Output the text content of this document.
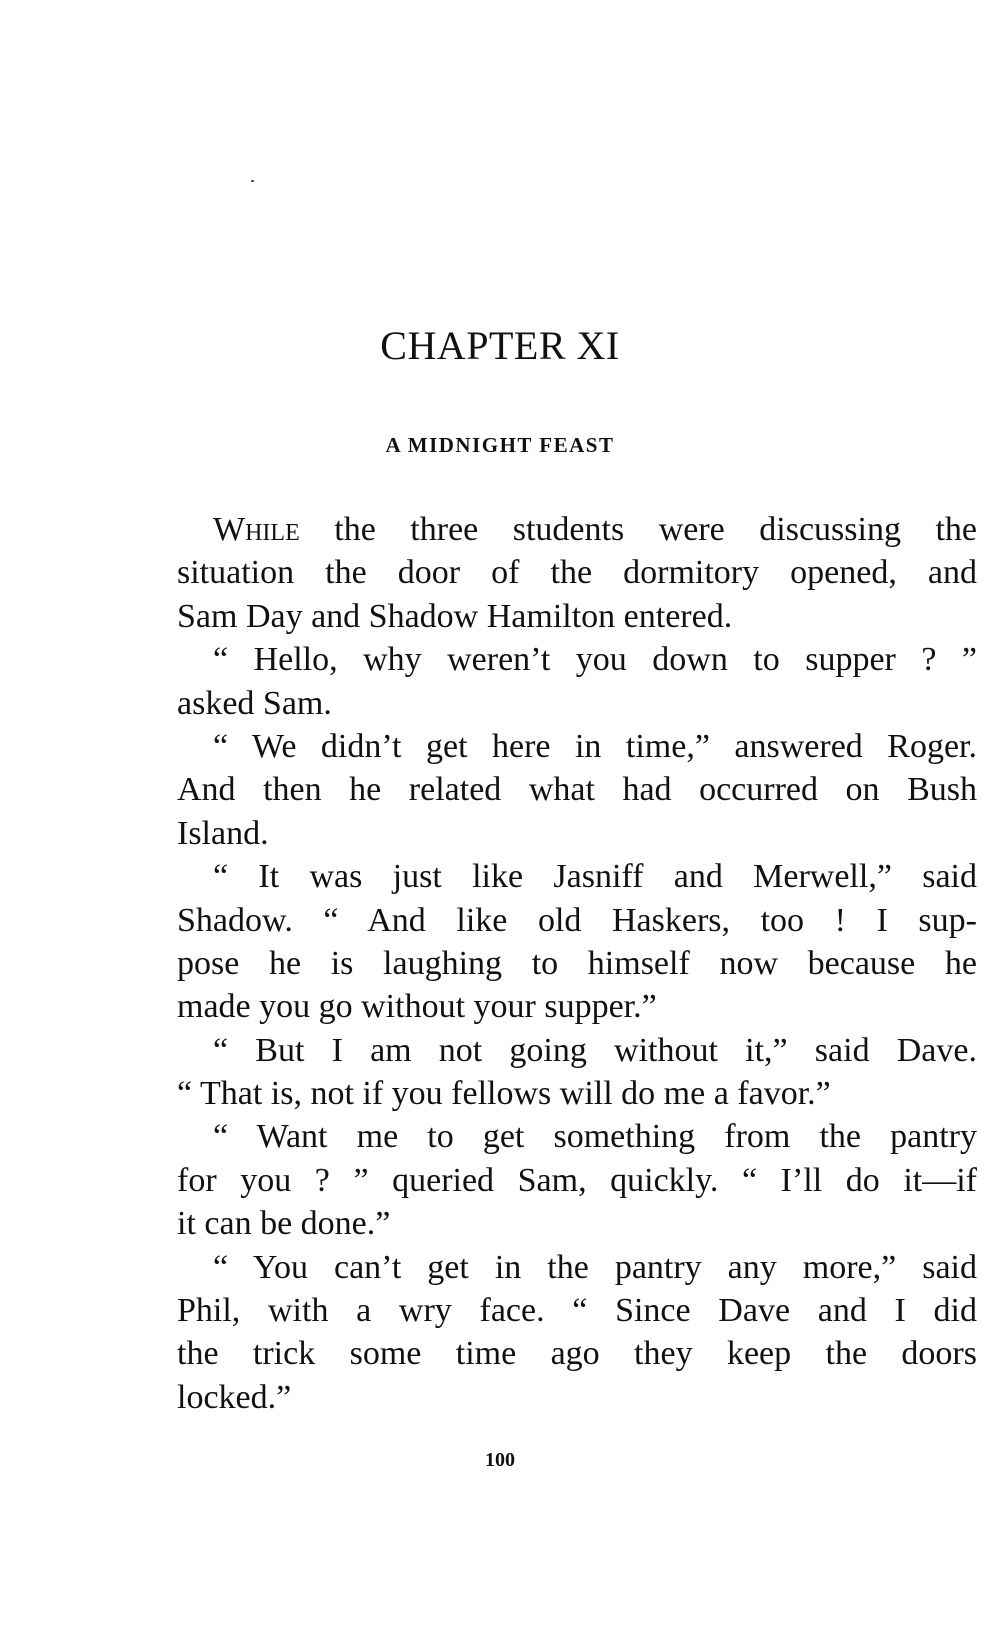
CHAPTER XI
A MIDNIGHT FEAST
While the three students were discussing the
situation the door of the dormitory opened, and
Sam Day and Shadow Hamilton entered.
“ Hello, why weren’t you down to supper ? ”
asked Sam.
“ We didn’t get here in time,” answered Roger.
And then he related what had occurred on Bush
Island.
“ It was just like Jasniff and Merwell,” said
Shadow. “ And like old Haskers, too ! I sup-
pose he is laughing to himself now because he
made you go without your supper.”
“ But I am not going without it,” said Dave.
“ That is, not if you fellows will do me a favor.”
“ Want me to get something from the pantry
for you ? ” queried Sam, quickly. “ I’ll do it—if
it can be done.”
“ You can’t get in the pantry any more,” said
Phil, with a wry face. “ Since Dave and I did
the trick some time ago they keep the doors
locked.”
100
